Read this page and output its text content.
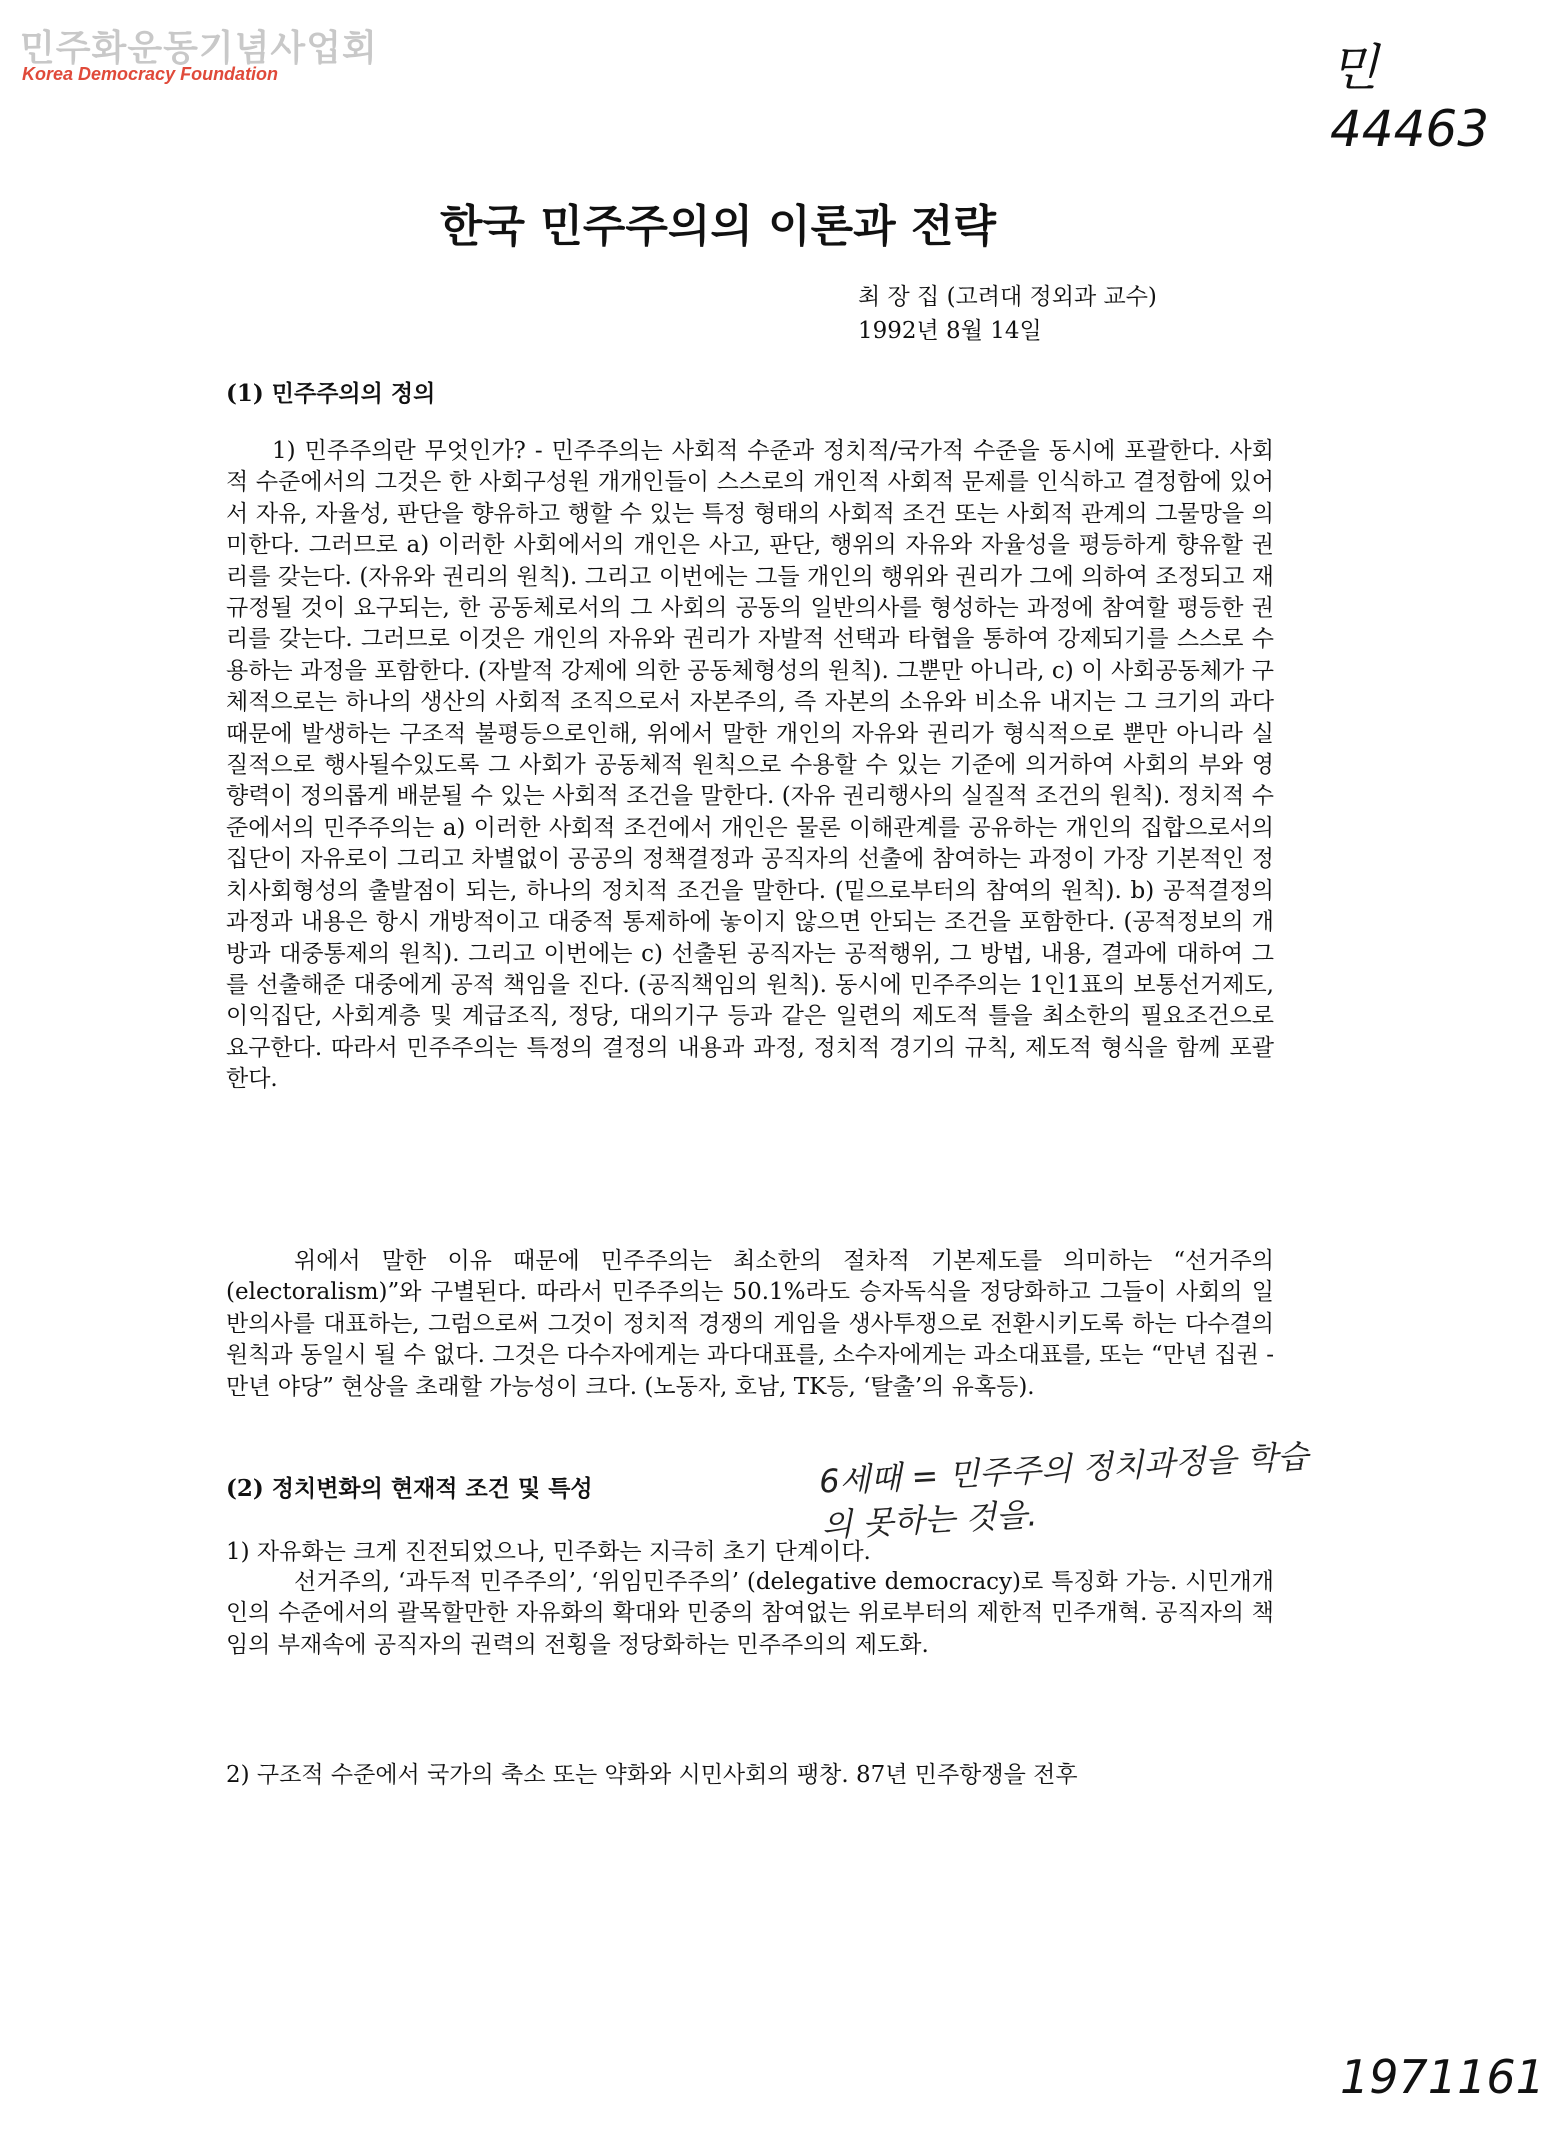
민주화운동기념사업회
Korea Democracy Foundation	민 44463
한국 민주주의의 이론과 전략
최 장 집 (고려대 정외과 교수)
1992년 8월 14일
(1) 민주주의의 정의

1) 민주주의란 무엇인가? - 민주주의는 사회적 수준과 정치적/국가적 수준을 동시에 포괄한다. 사회적 수준에서의 그것은 한 사회구성원 개개인들이 스스로의 개인적 사회적 문제를 인식하고 결정함에 있어서 자유, 자율성, 판단을 향유하고 행할 수 있는 특정 형태의 사회적 조건 또는 사회적 관계의 그물망을 의미한다. 그러므로 a) 이러한 사회에서의 개인은 사고, 판단, 행위의 자유와 자율성을 평등하게 향유할 권리를 갖는다. (자유와 권리의 원칙). 그리고 이번에는 그들 개인의 행위와 권리가 그에 의하여 조정되고 재규정될 것이 요구되는, 한 공동체로서의 그 사회의 공동의 일반의사를 형성하는 과정에 참여할 평등한 권리를 갖는다. 그러므로 이것은 개인의 자유와 권리가 자발적 선택과 타협을 통하여 강제되기를 스스로 수용하는 과정을 포함한다. (자발적 강제에 의한 공동체형성의 원칙). 그뿐만 아니라, c) 이 사회공동체가 구체적으로는 하나의 생산의 사회적 조직으로서 자본주의, 즉 자본의 소유와 비소유 내지는 그 크기의 과다 때문에 발생하는 구조적 불평등으로인해, 위에서 말한 개인의 자유와 권리가 형식적으로 뿐만 아니라 실질적으로 행사될수있도록 그 사회가 공동체적 원칙으로 수용할 수 있는 기준에 의거하여 사회의 부와 영향력이 정의롭게 배분될 수 있는 사회적 조건을 말한다. (자유 권리행사의 실질적 조건의 원칙). 정치적 수준에서의 민주주의는 a) 이러한 사회적 조건에서 개인은 물론 이해관계를 공유하는 개인의 집합으로서의 집단이 자유로이 그리고 차별없이 공공의 정책결정과 공직자의 선출에 참여하는 과정이 가장 기본적인 정치사회형성의 출발점이 되는, 하나의 정치적 조건을 말한다. (밑으로부터의 참여의 원칙). b) 공적결정의 과정과 내용은 항시 개방적이고 대중적 통제하에 놓이지 않으면 안되는 조건을 포함한다. (공적정보의 개방과 대중통제의 원칙). 그리고 이번에는 c) 선출된 공직자는 공적행위, 그 방법, 내용, 결과에 대하여 그를 선출해준 대중에게 공적 책임을 진다. (공직책임의 원칙). 동시에 민주주의는 1인1표의 보통선거제도, 이익집단, 사회계층 및 계급조직, 정당, 대의기구 등과 같은 일련의 제도적 틀을 최소한의 필요조건으로 요구한다. 따라서 민주주의는 특정의 결정의 내용과 과정, 정치적 경기의 규칙, 제도적 형식을 함께 포괄한다.

위에서 말한 이유 때문에 민주주의는 최소한의 절차적 기본제도를 의미하는 “선거주의 (electoralism)”와 구별된다. 따라서 민주주의는 50.1%라도 승자독식을 정당화하고 그들이 사회의 일반의사를 대표하는, 그럼으로써 그것이 정치적 경쟁의 게임을 생사투쟁으로 전환시키도록 하는 다수결의 원칙과 동일시 될 수 없다. 그것은 다수자에게는 과다대표를, 소수자에게는 과소대표를, 또는 “만년 집권 - 만년 야당” 현상을 초래할 가능성이 크다. (노동자, 호남, TK등, ‘탈출’의 유혹등).

(2) 정치변화의 현재적 조건 및 특성	6세때 = 민주주의 정치과정을 학습의 못하는 것을.

1) 자유화는 크게 진전되었으나, 민주화는 지극히 초기 단계이다.

선거주의, ‘과두적 민주주의’, ‘위임민주주의’ (delegative democracy)로 특징화 가능. 시민개개인의 수준에서의 괄목할만한 자유화의 확대와 민중의 참여없는 위로부터의 제한적 민주개혁. 공직자의 책임의 부재속에 공직자의 권력의 전횡을 정당화하는 민주주의의 제도화.

2) 구조적 수준에서 국가의 축소 또는 약화와 시민사회의 팽창. 87년 민주항쟁을 전후

1971161
